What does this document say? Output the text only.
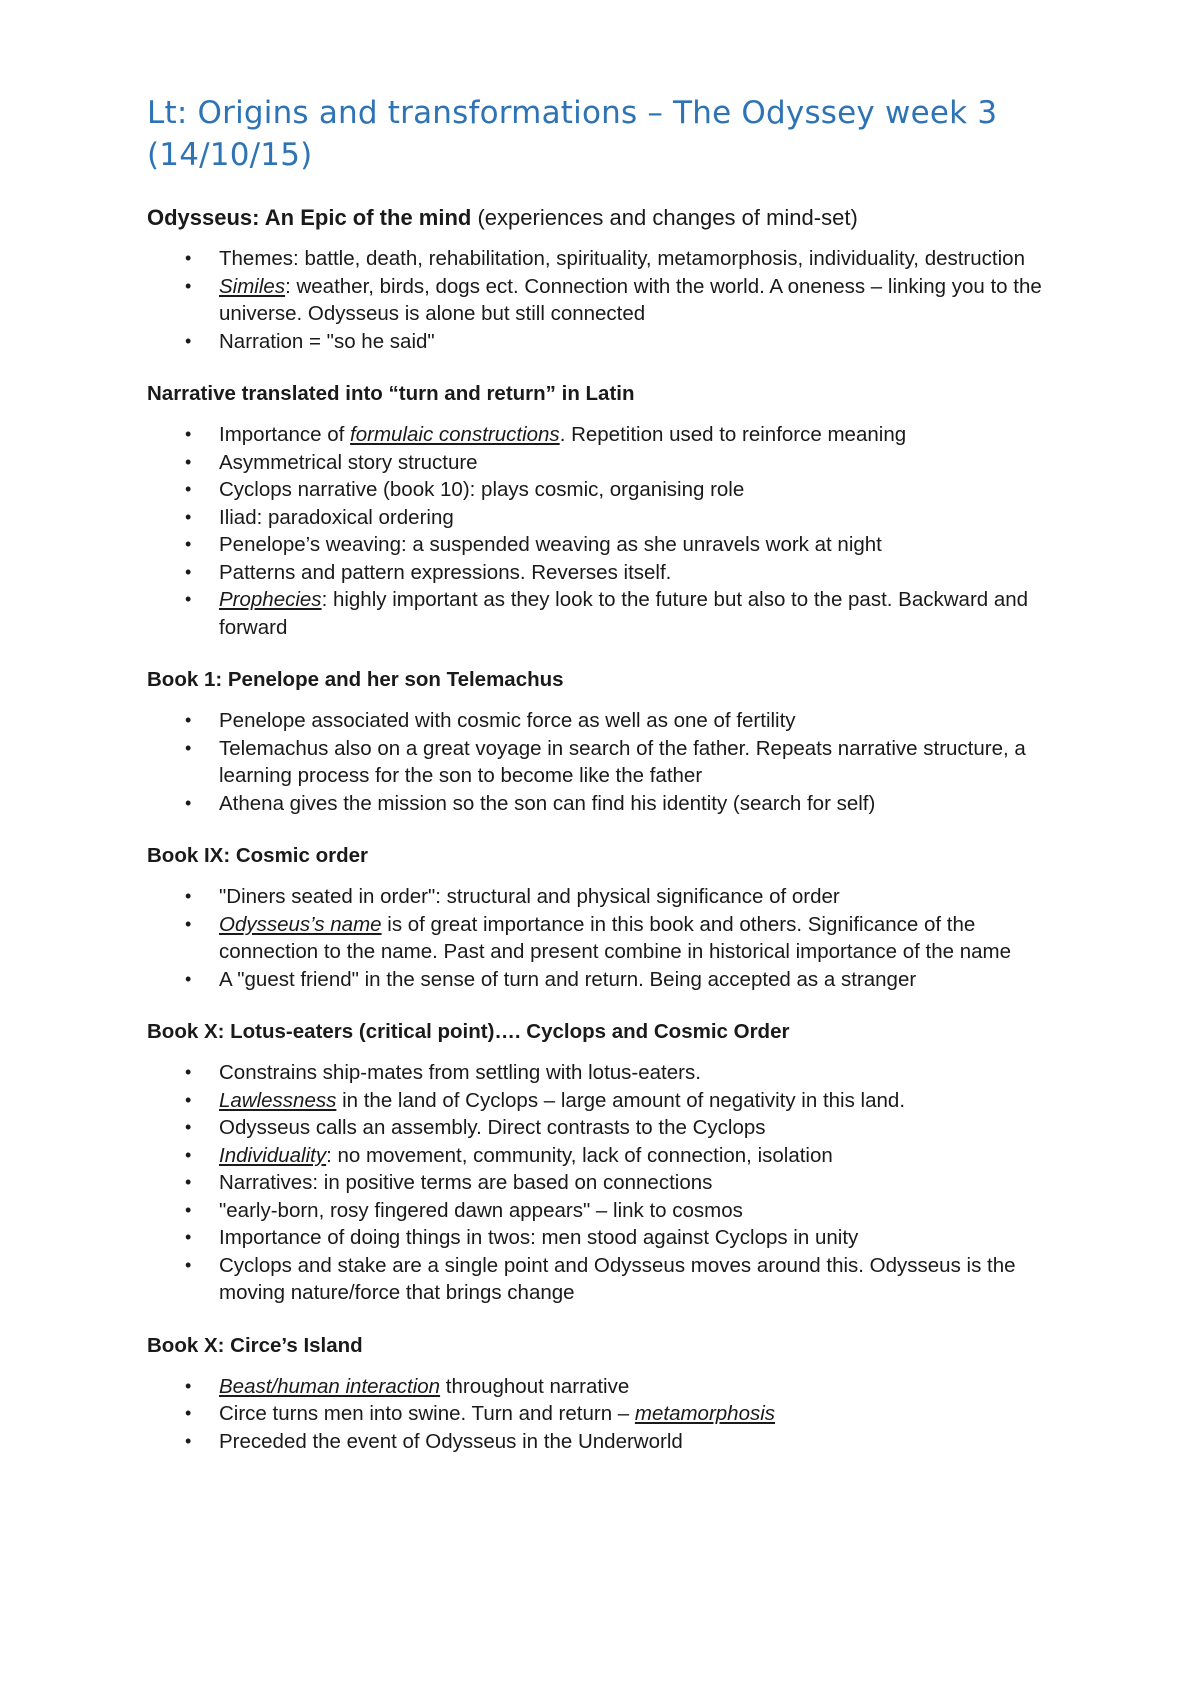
Lt: Origins and transformations – The Odyssey week 3 (14/10/15)
Odysseus: An Epic of the mind (experiences and changes of mind-set)
• Themes: battle, death, rehabilitation, spirituality, metamorphosis, individuality, destruction
• Similes: weather, birds, dogs ect. Connection with the world. A oneness – linking you to the universe. Odysseus is alone but still connected
• Narration = "so he said"
Narrative translated into “turn and return” in Latin
• Importance of formulaic constructions. Repetition used to reinforce meaning
• Asymmetrical story structure
• Cyclops narrative (book 10): plays cosmic, organising role
• Iliad: paradoxical ordering
• Penelope’s weaving: a suspended weaving as she unravels work at night
• Patterns and pattern expressions. Reverses itself.
• Prophecies: highly important as they look to the future but also to the past. Backward and forward
Book 1: Penelope and her son Telemachus
• Penelope associated with cosmic force as well as one of fertility
• Telemachus also on a great voyage in search of the father. Repeats narrative structure, a learning process for the son to become like the father
• Athena gives the mission so the son can find his identity (search for self)
Book IX: Cosmic order
• "Diners seated in order": structural and physical significance of order
• Odysseus’s name is of great importance in this book and others. Significance of the connection to the name. Past and present combine in historical importance of the name
• A "guest friend" in the sense of turn and return. Being accepted as a stranger
Book X: Lotus-eaters (critical point)…. Cyclops and Cosmic Order
• Constrains ship-mates from settling with lotus-eaters.
• Lawlessness in the land of Cyclops – large amount of negativity in this land.
• Odysseus calls an assembly. Direct contrasts to the Cyclops
• Individuality: no movement, community, lack of connection, isolation
• Narratives: in positive terms are based on connections
• "early-born, rosy fingered dawn appears" – link to cosmos
• Importance of doing things in twos: men stood against Cyclops in unity
• Cyclops and stake are a single point and Odysseus moves around this. Odysseus is the moving nature/force that brings change
Book X: Circe’s Island
• Beast/human interaction throughout narrative
• Circe turns men into swine. Turn and return – metamorphosis
• Preceded the event of Odysseus in the Underworld
